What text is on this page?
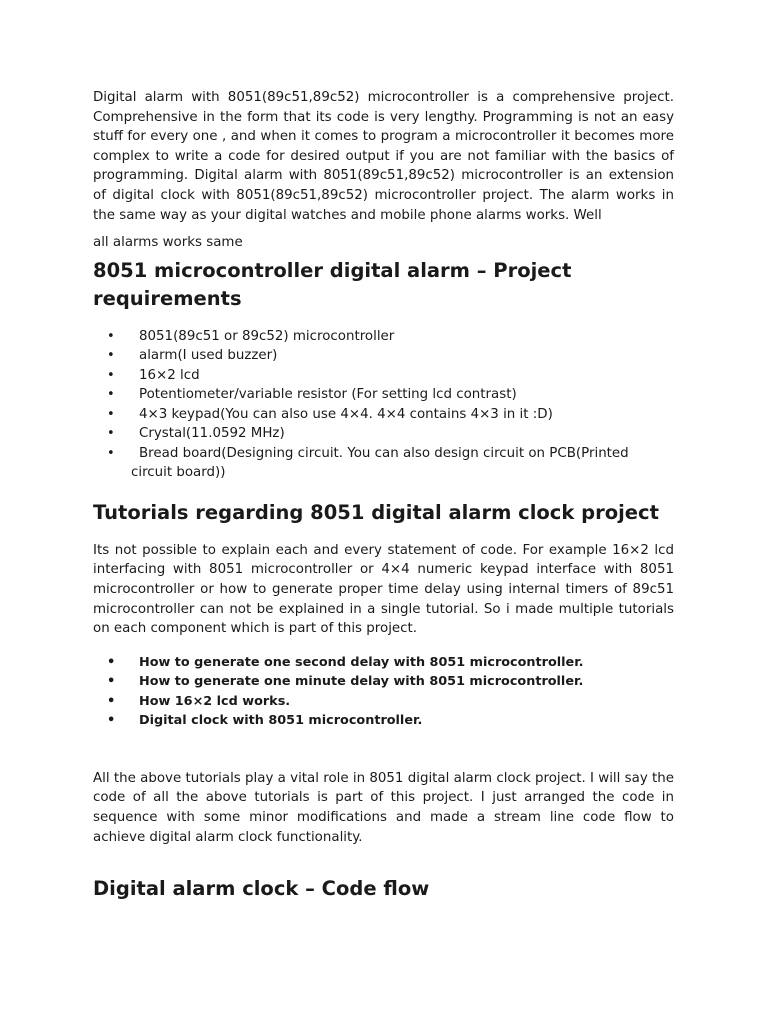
Digital alarm with 8051(89c51,89c52) microcontroller is a comprehensive project. Comprehensive in the form that its code is very lengthy. Programming is not an easy stuff for every one , and when it comes to program a microcontroller it becomes more complex to write a code for desired output if you are not familiar with the basics of programming. Digital alarm with 8051(89c51,89c52) microcontroller is an extension of digital clock with 8051(89c51,89c52) microcontroller project. The alarm works in the same way as your digital watches and mobile phone alarms works. Well

all alarms works same

8051 microcontroller digital alarm – Project requirements
• 8051(89c51 or 89c52) microcontroller
• alarm(I used buzzer)
• 16×2 lcd
• Potentiometer/variable resistor (For setting lcd contrast)
• 4×3 keypad(You can also use 4×4. 4×4 contains 4×3 in it :D)
• Crystal(11.0592 MHz)
• Bread board(Designing circuit. You can also design circuit on PCB(Printed
circuit board))
Tutorials regarding 8051 digital alarm clock project

Its not possible to explain each and every statement of code. For example 16×2 lcd interfacing with 8051 microcontroller or 4×4 numeric keypad interface with 8051 microcontroller or how to generate proper time delay using internal timers of 89c51 microcontroller can not be explained in a single tutorial. So i made multiple tutorials on each component which is part of this project.

• How to generate one second delay with 8051 microcontroller.
• How to generate one minute delay with 8051 microcontroller.
• How 16×2 lcd works.
• Digital clock with 8051 microcontroller.

All the above tutorials play a vital role in 8051 digital alarm clock project. I will say the code of all the above tutorials is part of this project. I just arranged the code in sequence with some minor modifications and made a stream line code flow to achieve digital alarm clock functionality.

Digital alarm clock – Code flow
